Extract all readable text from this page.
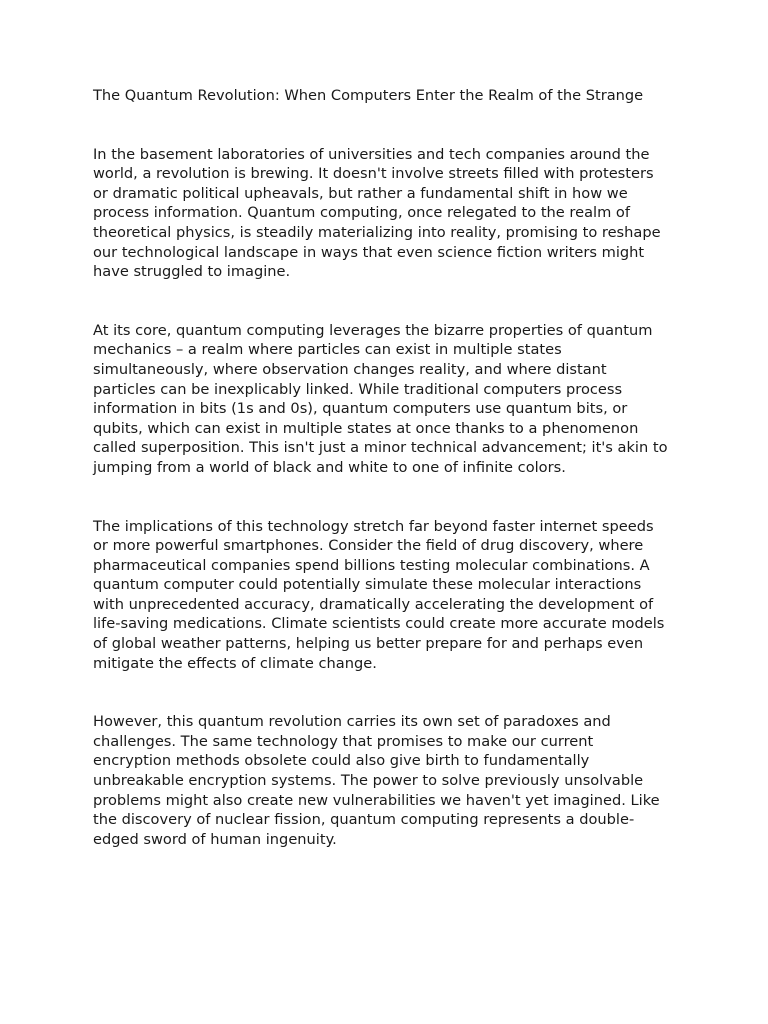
The Quantum Revolution: When Computers Enter the Realm of the Strange

In the basement laboratories of universities and tech companies around the world, a revolution is brewing. It doesn't involve streets filled with protesters or dramatic political upheavals, but rather a fundamental shift in how we process information. Quantum computing, once relegated to the realm of theoretical physics, is steadily materializing into reality, promising to reshape our technological landscape in ways that even science fiction writers might have struggled to imagine.

At its core, quantum computing leverages the bizarre properties of quantum mechanics – a realm where particles can exist in multiple states simultaneously, where observation changes reality, and where distant particles can be inexplicably linked. While traditional computers process information in bits (1s and 0s), quantum computers use quantum bits, or qubits, which can exist in multiple states at once thanks to a phenomenon called superposition. This isn't just a minor technical advancement; it's akin to jumping from a world of black and white to one of infinite colors.

The implications of this technology stretch far beyond faster internet speeds or more powerful smartphones. Consider the field of drug discovery, where pharmaceutical companies spend billions testing molecular combinations. A quantum computer could potentially simulate these molecular interactions with unprecedented accuracy, dramatically accelerating the development of life-saving medications. Climate scientists could create more accurate models of global weather patterns, helping us better prepare for and perhaps even mitigate the effects of climate change.

However, this quantum revolution carries its own set of paradoxes and challenges. The same technology that promises to make our current encryption methods obsolete could also give birth to fundamentally unbreakable encryption systems. The power to solve previously unsolvable problems might also create new vulnerabilities we haven't yet imagined. Like the discovery of nuclear fission, quantum computing represents a double-edged sword of human ingenuity.
